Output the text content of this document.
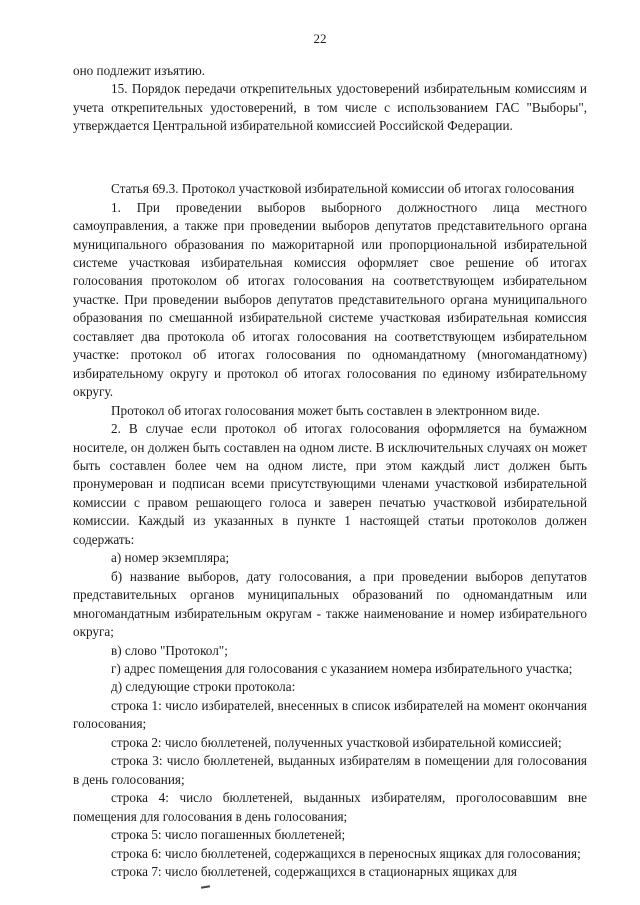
22

оно подлежит изъятию.

15. Порядок передачи открепительных удостоверений избирательным комиссиям и учета открепительных удостоверений, в том числе с использованием ГАС "Выборы", утверждается Центральной избирательной комиссией Российской Федерации.

Статья 69.3. Протокол участковой избирательной комиссии об итогах голосования

1. При проведении выборов выборного должностного лица местного самоуправления, а также при проведении выборов депутатов представительного органа муниципального образования по мажоритарной или пропорциональной избирательной системе участковая избирательная комиссия оформляет свое решение об итогах голосования протоколом об итогах голосования на соответствующем избирательном участке. При проведении выборов депутатов представительного органа муниципального образования по смешанной избирательной системе участковая избирательная комиссия составляет два протокола об итогах голосования на соответствующем избирательном участке: протокол об итогах голосования по одномандатному (многомандатному) избирательному округу и протокол об итогах голосования по единому избирательному округу.

Протокол об итогах голосования может быть составлен в электронном виде.

2. В случае если протокол об итогах голосования оформляется на бумажном носителе, он должен быть составлен на одном листе. В исключительных случаях он может быть составлен более чем на одном листе, при этом каждый лист должен быть пронумерован и подписан всеми присутствующими членами участковой избирательной комиссии с правом решающего голоса и заверен печатью участковой избирательной комиссии. Каждый из указанных в пункте 1 настоящей статьи протоколов должен содержать:

а) номер экземпляра;

б) название выборов, дату голосования, а при проведении выборов депутатов представительных органов муниципальных образований по одномандатным или многомандатным избирательным округам - также наименование и номер избирательного округа;

в) слово "Протокол";

г) адрес помещения для голосования с указанием номера избирательного участка;

д) следующие строки протокола:

строка 1: число избирателей, внесенных в список избирателей на момент окончания голосования;

строка 2: число бюллетеней, полученных участковой избирательной комиссией;

строка 3: число бюллетеней, выданных избирателям в помещении для голосования в день голосования;

строка 4: число бюллетеней, выданных избирателям, проголосовавшим вне помещения для голосования в день голосования;

строка 5: число погашенных бюллетеней;

строка 6: число бюллетеней, содержащихся в переносных ящиках для голосования;

строка 7: число бюллетеней, содержащихся в стационарных ящиках для
